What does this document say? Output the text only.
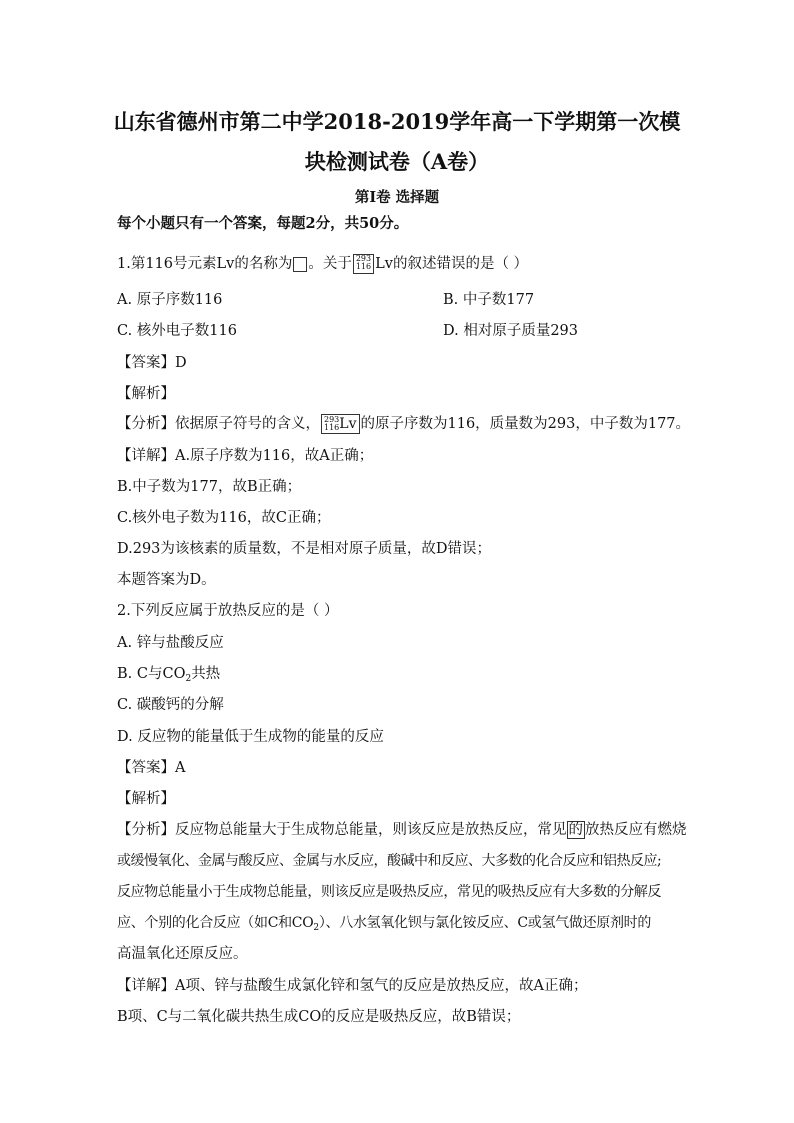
山东省德州市第二中学2018-2019学年高一下学期第一次模
块检测试卷（A卷）
第Ⅰ卷 选择题
每个小题只有一个答案，每题2分，共50分。
1.第116号元素Lv的名称为 。关于 293
116 Lv的叙述错误的是（ ）
A. 原子序数116	B. 中子数177
C. 核外电子数116	D. 相对原子质量293
【答案】D
【解析】
【分析】依据原子符号的含义， 293
116Lv 的原子序数为116，质量数为293，中子数为177。
【详解】A.原子序数为116，故A正确；
B.中子数为177，故B正确；
C.核外电子数为116，故C正确；
D.293为该核素的质量数，不是相对原子质量，故D错误；
本题答案为D。
2.下列反应属于放热反应的是（ ）
A. 锌与盐酸反应
B. C与$CO_2$共热
C. 碳酸钙的分解
D. 反应物的能量低于生成物的能量的反应
【答案】A
【解析】
【分析】反应物总能量大于生成物总能量，则该反应是放热反应，常见 的 放热反应有燃烧
或缓慢氧化、金属与酸反应、金属与水反应，酸碱中和反应、大多数的化合反应和铝热反应;
反应物总能量小于生成物总能量，则该反应是吸热反应，常见的吸热反应有大多数的分解反
应、个别的化合反应（如C和$CO_2$）、八水氢氧化钡与氯化铵反应、C或氢气做还原剂时的
高温氧化还原反应。
【详解】A项、锌与盐酸生成氯化锌和氢气的反应是放热反应，故A正确；
B项、C与二氧化碳共热生成CO的反应是吸热反应，故B错误；
